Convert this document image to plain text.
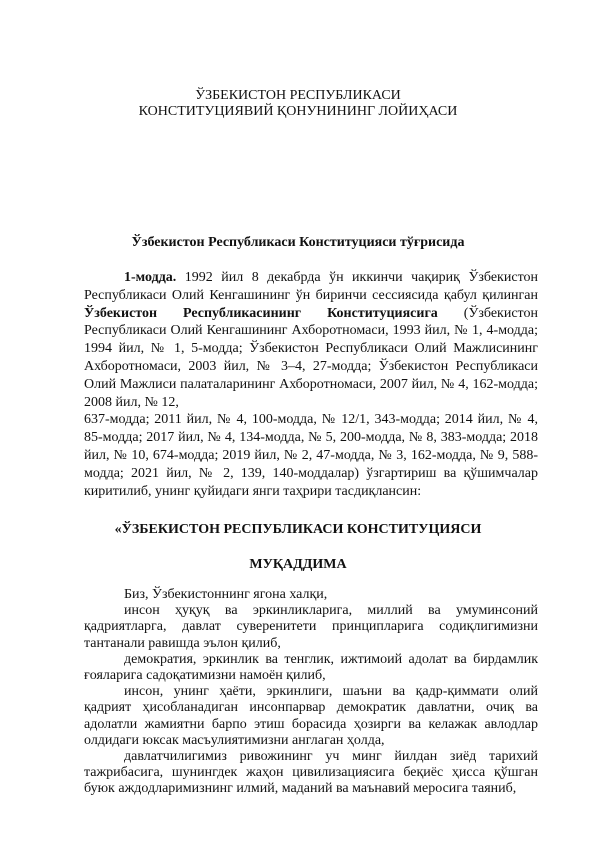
ЎЗБЕКИСТОН РЕСПУБЛИКАСИ
КОНСТИТУЦИЯВИЙ ҚОНУНИНИНГ ЛОЙИҲАСИ
Ўзбекистон Республикаси Конституцияси тўғрисида

1-модда. 1992 йил 8 декабрда ўн иккинчи чақириқ Ўзбекистон Республикаси Олий Кенгашининг ўн биринчи сессиясида қабул қилинган Ўзбекистон Республикасининг Конституциясига (Ўзбекистон Республикаси Олий Кенгашининг Ахборотномаси, 1993 йил, № 1, 4-модда; 1994 йил, № 1, 5-модда; Ўзбекистон Республикаси Олий Мажлисининг Ахборотномаси, 2003 йил, № 3–4, 27-модда; Ўзбекистон Республикаси Олий Мажлиси палаталарининг Ахборотномаси, 2007 йил, № 4, 162-модда; 2008 йил, № 12,

637-модда; 2011 йил, № 4, 100-модда, № 12/1, 343-модда; 2014 йил, № 4, 85-модда; 2017 йил, № 4, 134-модда, № 5, 200-модда, № 8, 383-модда; 2018 йил, № 10, 674-модда; 2019 йил, № 2, 47-модда, № 3, 162-модда, № 9, 588-модда; 2021 йил, № 2, 139, 140-моддалар) ўзгартириш ва қўшимчалар киритилиб, унинг қуйидаги янги таҳрири тасдиқлансин:

«ЎЗБЕКИСТОН РЕСПУБЛИКАСИ КОНСТИТУЦИЯСИ
МУҚАДДИМА

Биз, Ўзбекистоннинг ягона халқи,

инсон ҳуқуқ ва эркинликларига, миллий ва умуминсоний қадриятларга, давлат суверенитети принципларига содиқлигимизни тантанали равишда эълон қилиб,

демократия, эркинлик ва тенглик, ижтимоий адолат ва бирдамлик ғояларига садоқатимизни намоён қилиб,

инсон, унинг ҳаёти, эркинлиги, шаъни ва қадр-қиммати олий қадрият ҳисобланадиган инсонпарвар демократик давлатни, очиқ ва адолатли жамиятни барпо этиш борасида ҳозирги ва келажак авлодлар олдидаги юксак масъулиятимизни англаган ҳолда,

давлатчилигимиз ривожининг уч минг йилдан зиёд тарихий тажрибасига, шунингдек жаҳон цивилизациясига беқиёс ҳисса қўшган буюк аждодларимизнинг илмий, маданий ва маънавий меросига таяниб,
